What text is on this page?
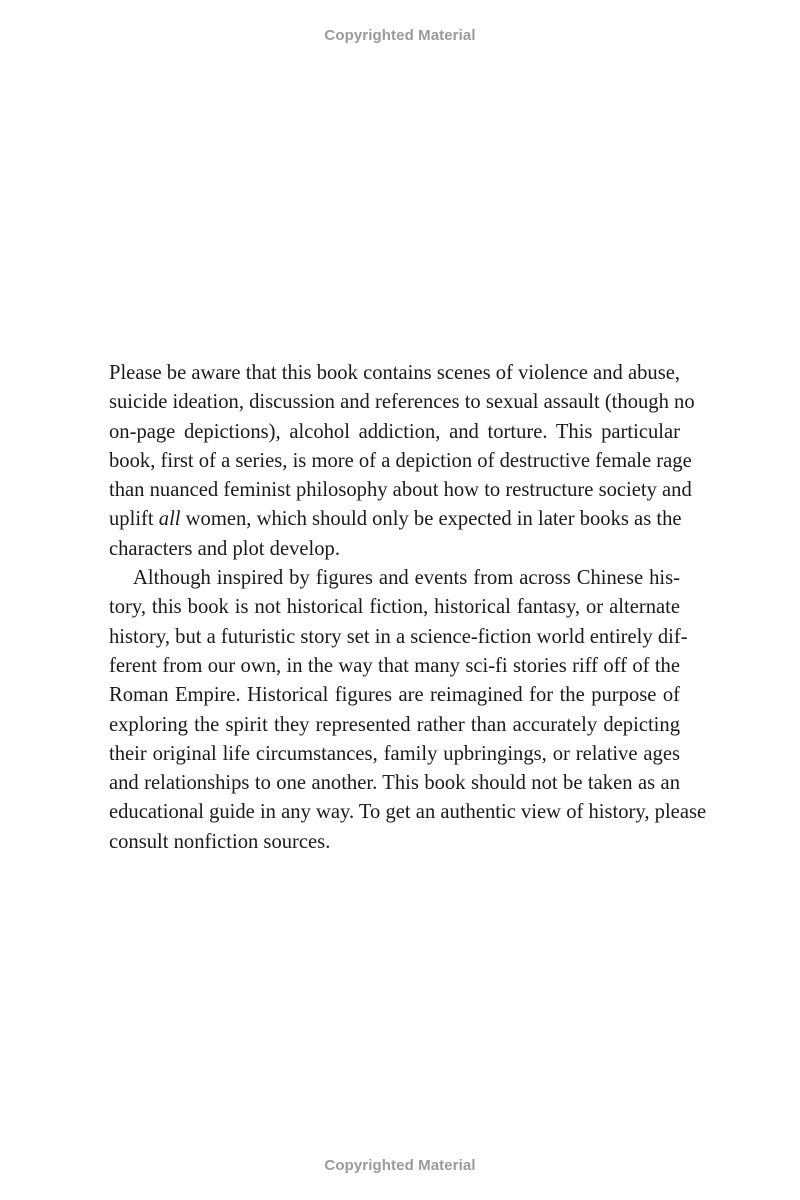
Copyrighted Material
Please be aware that this book contains scenes of violence and abuse,
suicide ideation, discussion and references to sexual assault (though no
on-page depictions), alcohol addiction, and torture. This particular
book, first of a series, is more of a depiction of destructive female rage
than nuanced feminist philosophy about how to restructure society and
uplift all women, which should only be expected in later books as the
characters and plot develop.
Although inspired by figures and events from across Chinese his-
tory, this book is not historical fiction, historical fantasy, or alternate
history, but a futuristic story set in a science-fiction world entirely dif-
ferent from our own, in the way that many sci-fi stories riff off of the
Roman Empire. Historical figures are reimagined for the purpose of
exploring the spirit they represented rather than accurately depicting
their original life circumstances, family upbringings, or relative ages
and relationships to one another. This book should not be taken as an
educational guide in any way. To get an authentic view of history, please
consult nonfiction sources.
Copyrighted Material
